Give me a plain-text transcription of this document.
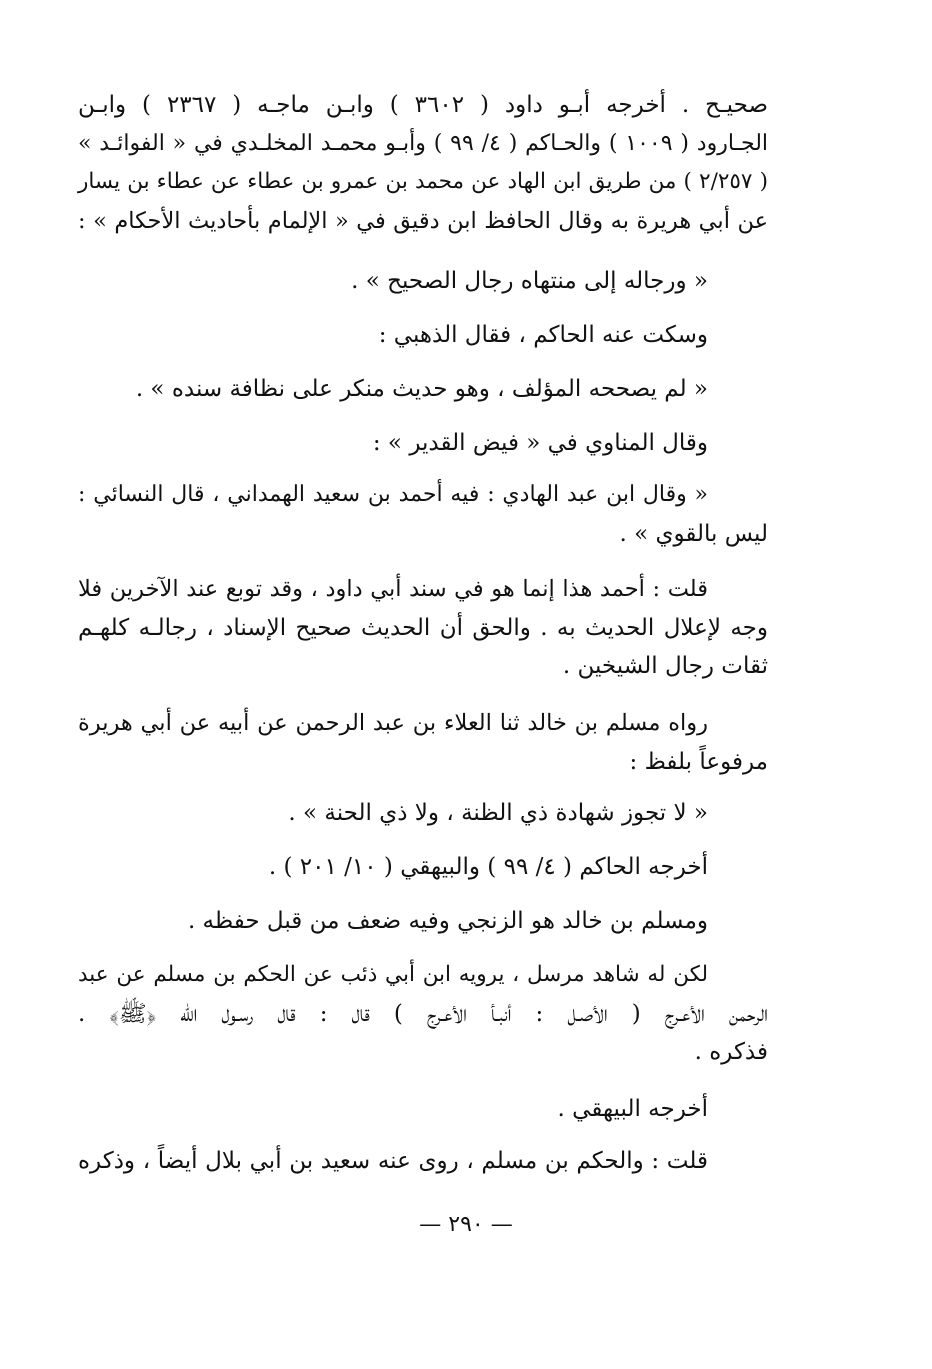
صحيـح . أخرجه أبـو داود ( ٣٦٠٢ ) وابـن ماجـه ( ٢٣٦٧ ) وابـن
الجـارود ( ١٠٠٩ ) والحـاكم ( ٤/ ٩٩ ) وأبـو محمـد المخلـدي في « الفوائـد »
( ٢/٢٥٧ ) من طريق ابن الهاد عن محمد بن عمرو بن عطاء عن عطاء بن يسار
عن أبي هريرة به وقال الحافظ ابن دقيق في « الإلمام بأحاديث الأحكام » :
« ورجاله إلى منتهاه رجال الصحيح » .
وسكت عنه الحاكم ، فقال الذهبي :
« لم يصححه المؤلف ، وهو حديث منكر على نظافة سنده » .
وقال المناوي في « فيض القدير » :
« وقال ابن عبد الهادي : فيه أحمد بن سعيد الهمداني ، قال النسائي :
ليس بالقوي » .
قلت : أحمد هذا إنما هو في سند أبي داود ، وقد توبع عند الآخرين فلا
وجه لإعلال الحديث به . والحق أن الحديث صحيح الإسناد ، رجالـه كلهـم
ثقات رجال الشيخين .
رواه مسلم بن خالد ثنا العلاء بن عبد الرحمن عن أبيه عن أبي هريرة
مرفوعاً بلفظ :
« لا تجوز شهادة ذي الظنة ، ولا ذي الحنة » .
أخرجه الحاكم ( ٤/ ٩٩ ) والبيهقي ( ١٠/ ٢٠١ ) .
ومسلم بن خالد هو الزنجي وفيه ضعف من قبل حفظه .
لكن له شاهد مرسل ، يرويه ابن أبي ذئب عن الحكم بن مسلم عن عبد
الرحمن الأعـرج ( الأصـل : أنبـأ الأعـرج ) قال : قال رسـول الله ﴿ﷺ﴾ .
فذكره .
أخرجه البيهقي .
قلت : والحكم بن مسلم ، روى عنه سعيد بن أبي بلال أيضاً ، وذكره
— ٢٩٠ —
